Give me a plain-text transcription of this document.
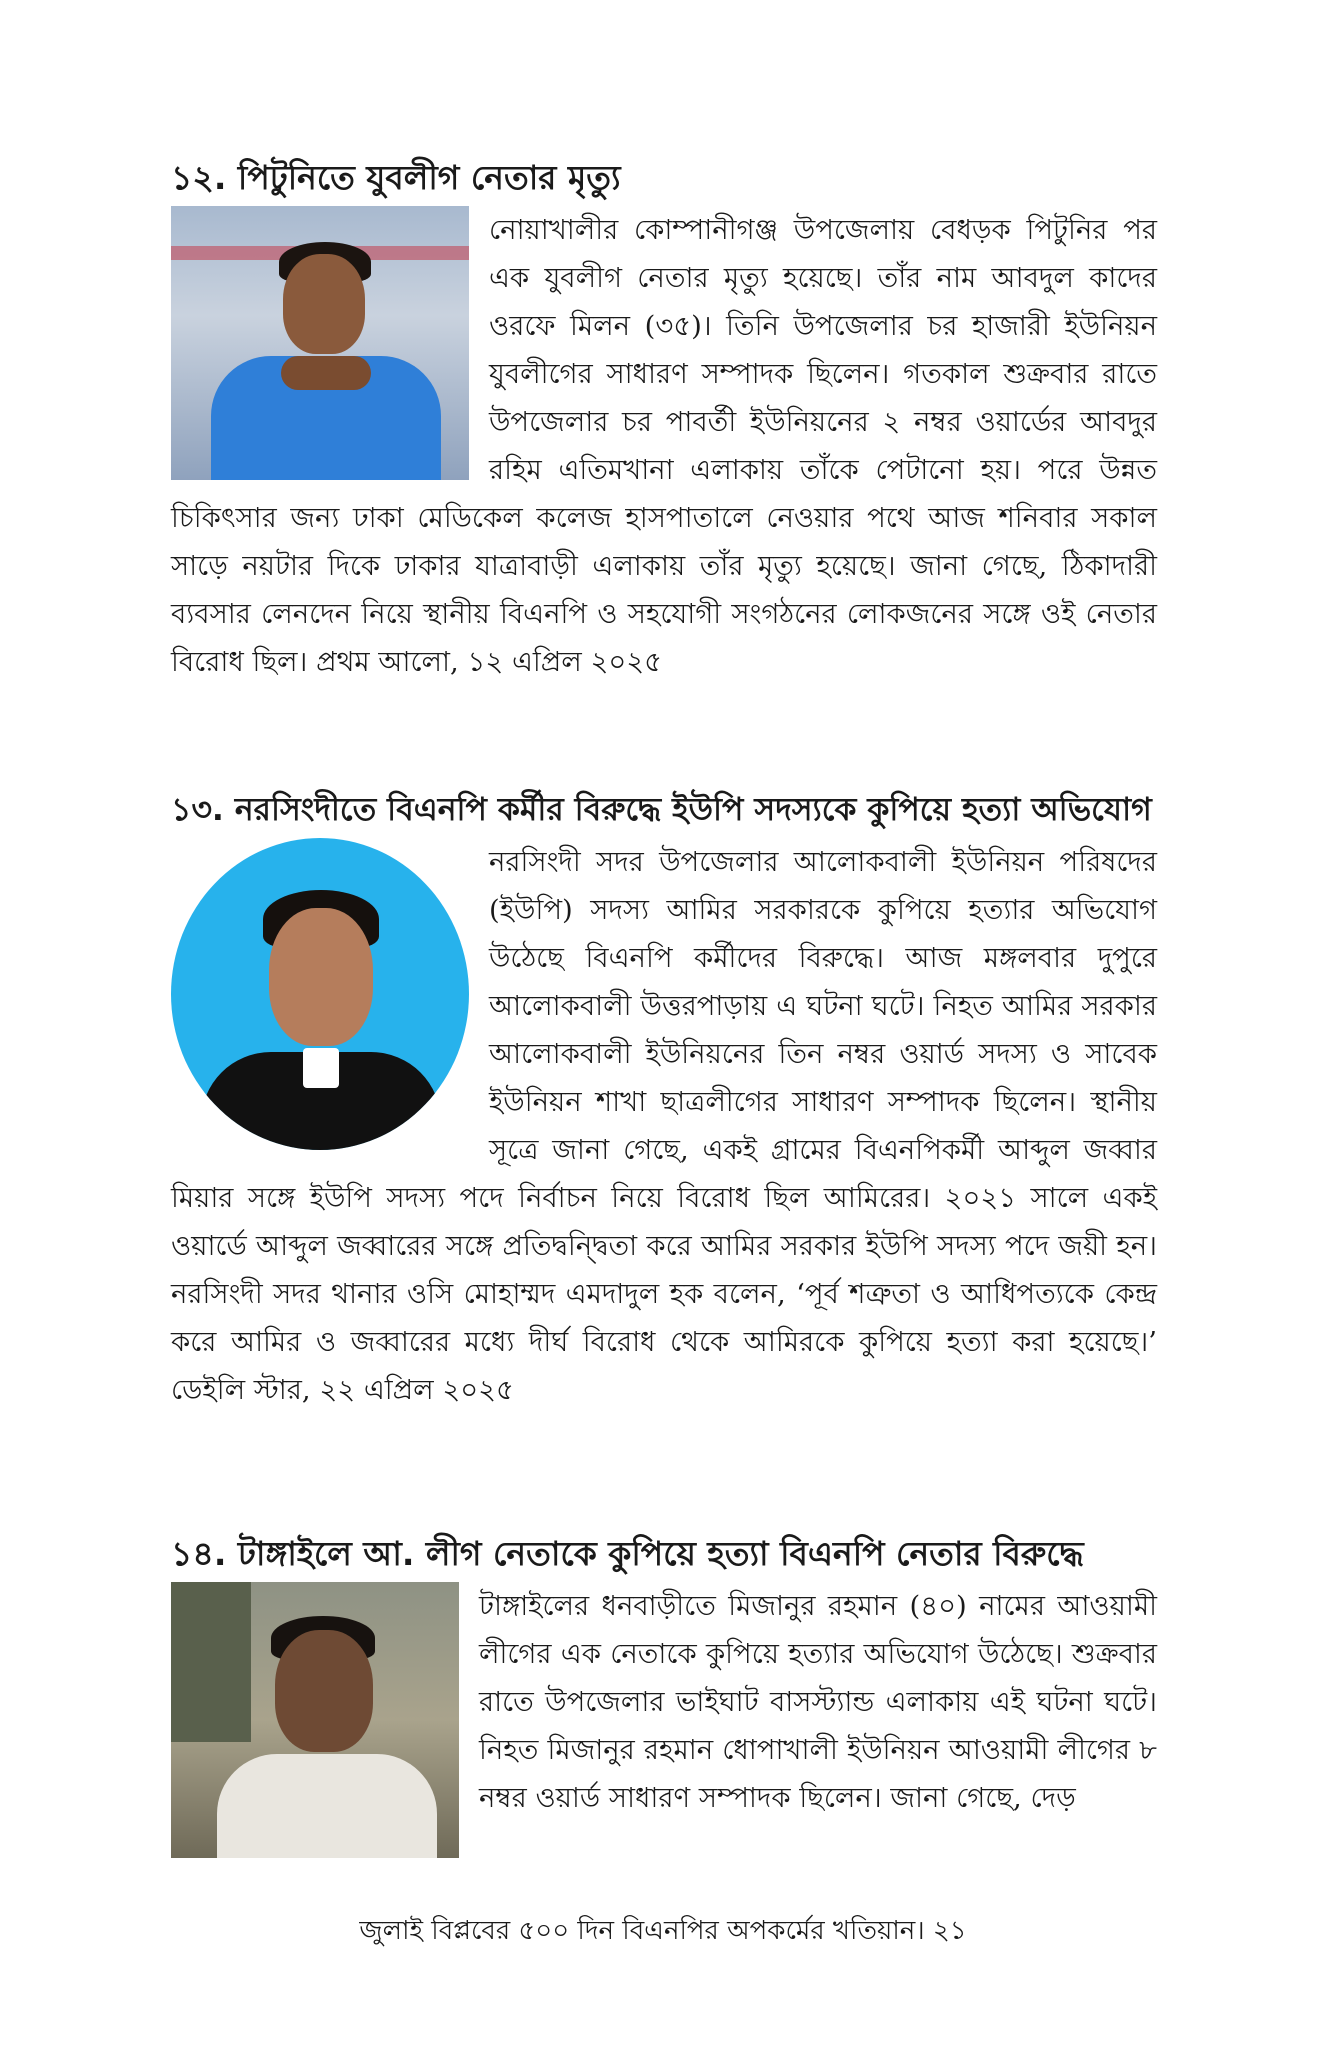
১২. পিটুনিতে যুবলীগ নেতার মৃত্যু

নোয়াখালীর কোম্পানীগঞ্জ উপজেলায় বেধড়ক পিটুনির পর এক যুবলীগ নেতার মৃত্যু হয়েছে। তাঁর নাম আবদুল কাদের ওরফে মিলন (৩৫)। তিনি উপজেলার চর হাজারী ইউনিয়ন যুবলীগের সাধারণ সম্পাদক ছিলেন। গতকাল শুক্রবার রাতে উপজেলার চর পাবর্তী ইউনিয়নের ২ নম্বর ওয়ার্ডের আবদুর রহিম এতিমখানা এলাকায় তাঁকে পেটানো হয়। পরে উন্নত চিকিৎসার জন্য ঢাকা মেডিকেল কলেজ হাসপাতালে নেওয়ার পথে আজ শনিবার সকাল সাড়ে নয়টার দিকে ঢাকার যাত্রাবাড়ী এলাকায় তাঁর মৃত্যু হয়েছে। জানা গেছে, ঠিকাদারী ব্যবসার লেনদেন নিয়ে স্থানীয় বিএনপি ও সহযোগী সংগঠনের লোকজনের সঙ্গে ওই নেতার বিরোধ ছিল। প্রথম আলো, ১২ এপ্রিল ২০২৫

১৩. নরসিংদীতে বিএনপি কর্মীর বিরুদ্ধে ইউপি সদস্যকে কুপিয়ে হত্যা অভিযোগ

নরসিংদী সদর উপজেলার আলোকবালী ইউনিয়ন পরিষদের (ইউপি) সদস্য আমির সরকারকে কুপিয়ে হত্যার অভিযোগ উঠেছে বিএনপি কর্মীদের বিরুদ্ধে। আজ মঙ্গলবার দুপুরে আলোকবালী উত্তরপাড়ায় এ ঘটনা ঘটে। নিহত আমির সরকার আলোকবালী ইউনিয়নের তিন নম্বর ওয়ার্ড সদস্য ও সাবেক ইউনিয়ন শাখা ছাত্রলীগের সাধারণ সম্পাদক ছিলেন। স্থানীয় সূত্রে জানা গেছে, একই গ্রামের বিএনপিকর্মী আব্দুল জব্বার মিয়ার সঙ্গে ইউপি সদস্য পদে নির্বাচন নিয়ে বিরোধ ছিল আমিরের। ২০২১ সালে একই ওয়ার্ডে আব্দুল জব্বারের সঙ্গে প্রতিদ্বন্দ্বিতা করে আমির সরকার ইউপি সদস্য পদে জয়ী হন। নরসিংদী সদর থানার ওসি মোহাম্মদ এমদাদুল হক বলেন, ‘পূর্ব শত্রুতা ও আধিপত্যকে কেন্দ্র করে আমির ও জব্বারের মধ্যে দীর্ঘ বিরোধ থেকে আমিরকে কুপিয়ে হত্যা করা হয়েছে।’ ডেইলি স্টার, ২২ এপ্রিল ২০২৫

১৪. টাঙ্গাইলে আ. লীগ নেতাকে কুপিয়ে হত্যা বিএনপি নেতার বিরুদ্ধে

টাঙ্গাইলের ধনবাড়ীতে মিজানুর রহমান (৪০) নামের আওয়ামী লীগের এক নেতাকে কুপিয়ে হত্যার অভিযোগ উঠেছে। শুক্রবার রাতে উপজেলার ভাইঘাট বাসস্ট্যান্ড এলাকায় এই ঘটনা ঘটে। নিহত মিজানুর রহমান ধোপাখালী ইউনিয়ন আওয়ামী লীগের ৮ নম্বর ওয়ার্ড সাধারণ সম্পাদক ছিলেন। জানা গেছে, দেড়

জুলাই বিপ্লবের ৫০০ দিন বিএনপির অপকর্মের খতিয়ান। ২১
